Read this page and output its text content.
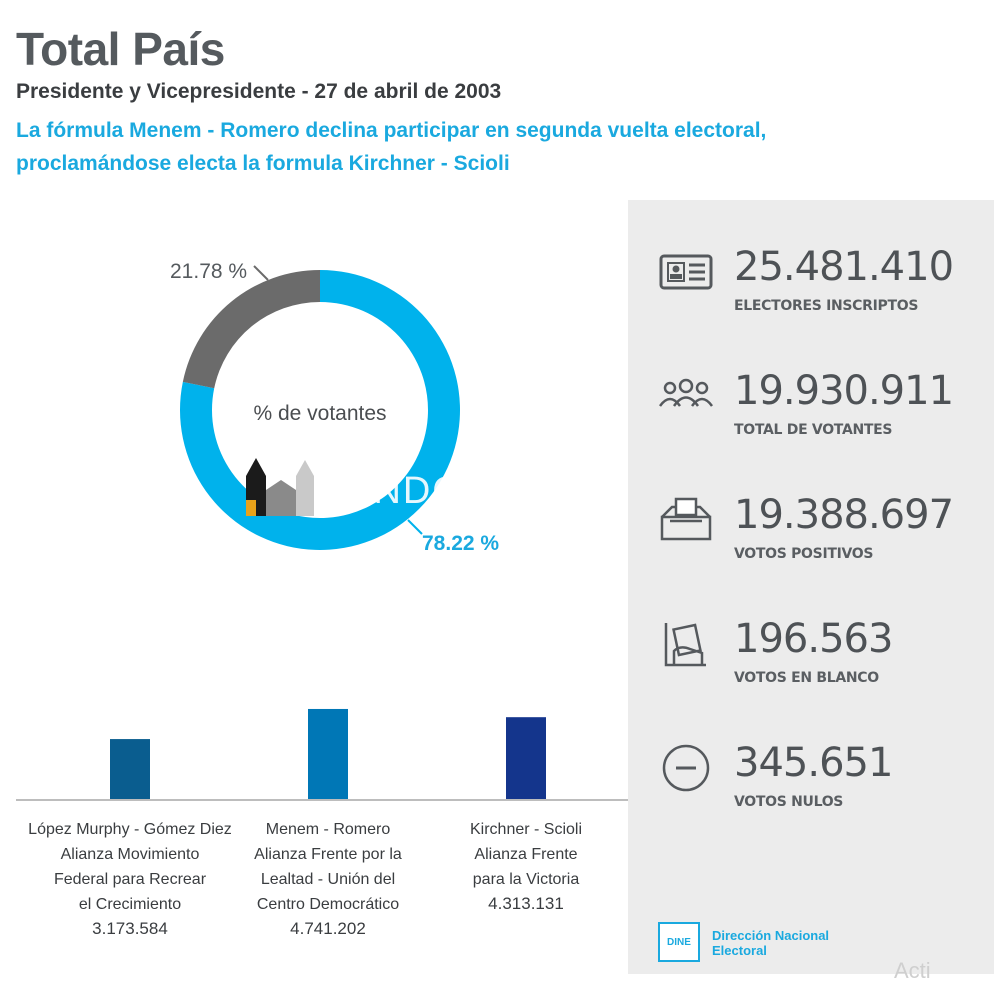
Total País

Presidente y Vicepresidente - 27 de abril de 2003

La fórmula Menem - Romero declina participar en segunda vuelta electoral,
proclamándose electa la formula Kirchner - Scioli
% de votantes
21.78 %
78.22 %
López Murphy - Gómez Diez
Alianza Movimiento
Federal para Recrear
el Crecimiento
3.173.584
Menem - Romero
Alianza Frente por la
Lealtad - Unión del
Centro Democrático
4.741.202
Kirchner - Scioli
Alianza Frente
para la Victoria
4.313.131
25.481.410
ELECTORES INSCRIPTOS
19.930.911
TOTAL DE VOTANTES
19.388.697
VOTOS POSITIVOS
196.563
VOTOS EN BLANCO
345.651
VOTOS NULOS
DINE	Dirección Nacional
Electoral
UNDO TALLER
Acti
